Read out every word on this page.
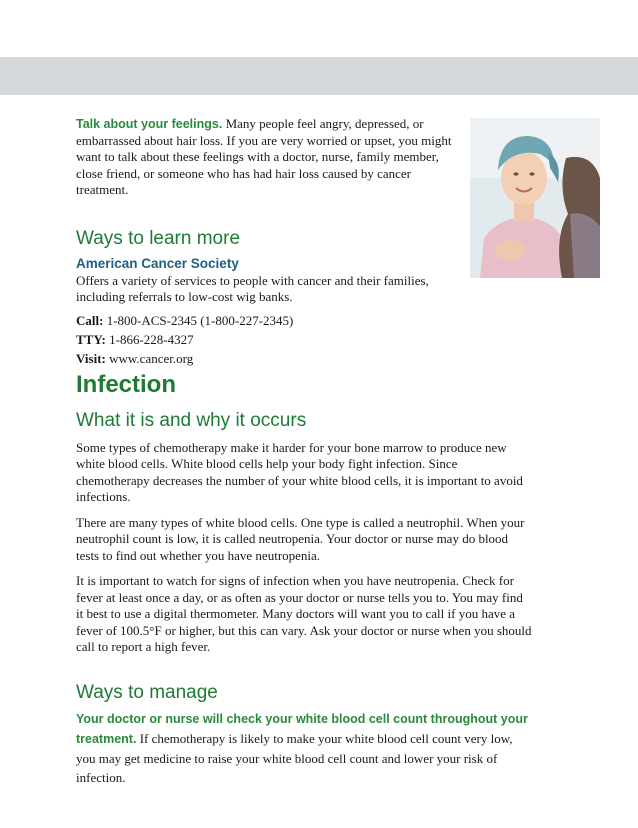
Talk about your feelings. Many people feel angry, depressed, or embarrassed about hair loss. If you are very worried or upset, you might want to talk about these feelings with a doctor, nurse, family member, close friend, or someone who has had hair loss caused by cancer treatment.

Ways to learn more
American Cancer Society

Offers a variety of services to people with cancer and their families, including referrals to low-cost wig banks.

Call: 1-800-ACS-2345 (1-800-227-2345)

TTY: 1-866-228-4327

Visit: www.cancer.org

Infection
What it is and why it occurs

Some types of chemotherapy make it harder for your bone marrow to produce new white blood cells. White blood cells help your body fight infection. Since chemotherapy decreases the number of your white blood cells, it is important to avoid infections.

There are many types of white blood cells. One type is called a neutrophil. When your neutrophil count is low, it is called neutropenia. Your doctor or nurse may do blood tests to find out whether you have neutropenia.

It is important to watch for signs of infection when you have neutropenia. Check for fever at least once a day, or as often as your doctor or nurse tells you to. You may find it best to use a digital thermometer. Many doctors will want you to call if you have a fever of 100.5°F or higher, but this can vary. Ask your doctor or nurse when you should call to report a high fever.

Ways to manage

Your doctor or nurse will check your white blood cell count throughout your treatment. If chemotherapy is likely to make your white blood cell count very low, you may get medicine to raise your white blood cell count and lower your risk of infection.
